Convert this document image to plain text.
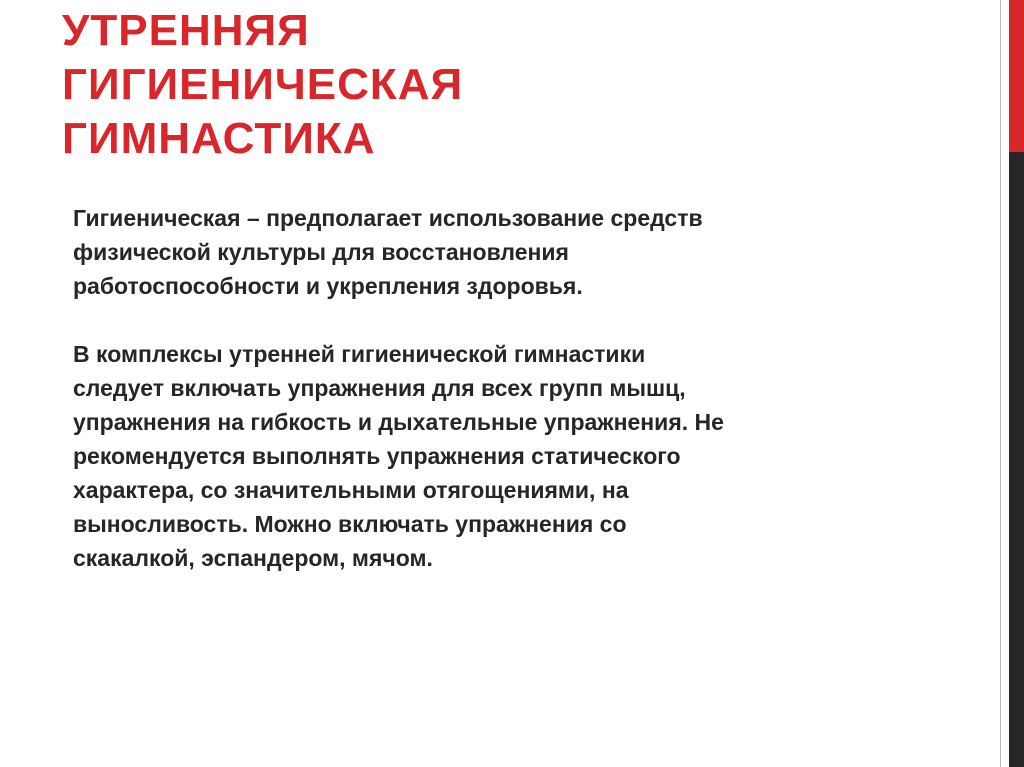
УТРЕННЯЯ
ГИГИЕНИЧЕСКАЯ
ГИМНАСТИКА

Гигиеническая – предполагает использование средств
физической культуры для восстановления
работоспособности и укрепления здоровья.

В комплексы утренней гигиенической гимнастики
следует включать упражнения для всех групп мышц,
упражнения на гибкость и дыхательные упражнения. Не
рекомендуется выполнять упражнения статического
характера, со значительными отягощениями, на
выносливость. Можно включать упражнения со
скакалкой, эспандером, мячом.
